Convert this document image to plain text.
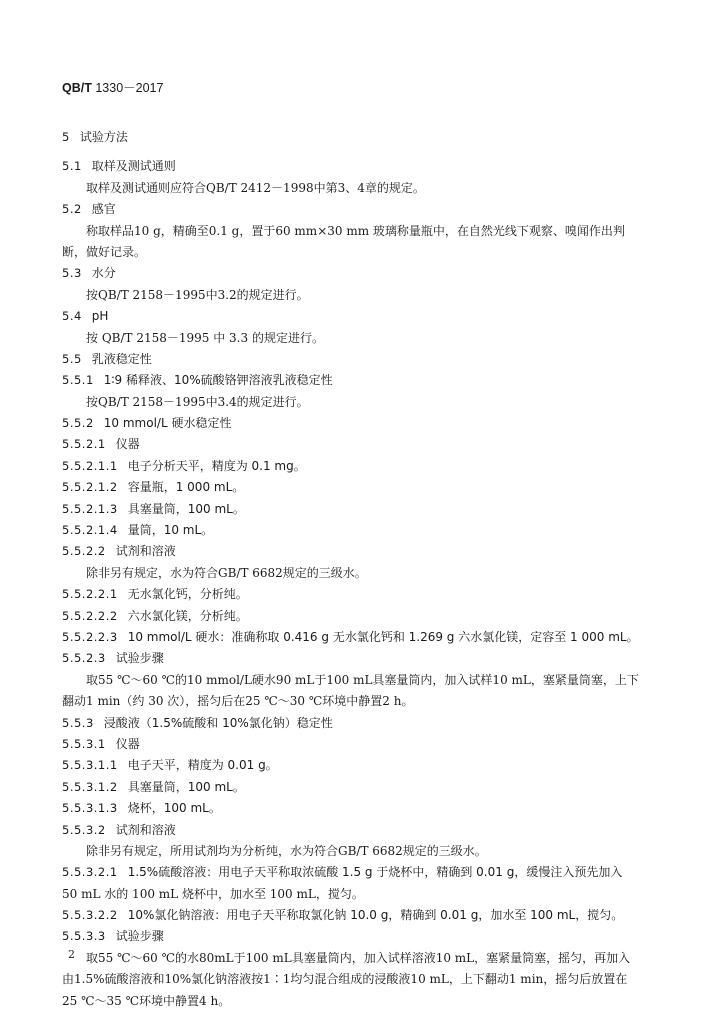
QB/T 1330－2017
5 试验方法
5.1 取样及测试通则
取样及测试通则应符合QB/T 2412－1998中第3、4章的规定。
5.2 感官
称取样品10 g，精确至0.1 g，置于60 mm×30 mm 玻璃称量瓶中，在自然光线下观察、嗅闻作出判
断，做好记录。
5.3 水分
按QB/T 2158－1995中3.2的规定进行。
5.4 pH
按 QB/T 2158－1995 中 3.3 的规定进行。
5.5 乳液稳定性
5.5.1 1∶9 稀释液、10%硫酸铬钾溶液乳液稳定性
按QB/T 2158－1995中3.4的规定进行。
5.5.2 10 mmol/L 硬水稳定性
5.5.2.1 仪器
5.5.2.1.1 电子分析天平，精度为 0.1 mg。
5.5.2.1.2 容量瓶，1 000 mL。
5.5.2.1.3 具塞量筒，100 mL。
5.5.2.1.4 量筒，10 mL。
5.5.2.2 试剂和溶液
除非另有规定，水为符合GB/T 6682规定的三级水。
5.5.2.2.1 无水氯化钙，分析纯。
5.5.2.2.2 六水氯化镁，分析纯。
5.5.2.2.3 10 mmol/L 硬水：准确称取 0.416 g 无水氯化钙和 1.269 g 六水氯化镁，定容至 1 000 mL。
5.5.2.3 试验步骤
取55 ℃～60 ℃的10 mmol/L硬水90 mL于100 mL具塞量筒内，加入试样10 mL，塞紧量筒塞，上下
翻动1 min（约 30 次），摇匀后在25 ℃～30 ℃环境中静置2 h。
5.5.3 浸酸液（1.5%硫酸和 10%氯化钠）稳定性
5.5.3.1 仪器
5.5.3.1.1 电子天平，精度为 0.01 g。
5.5.3.1.2 具塞量筒，100 mL。
5.5.3.1.3 烧杯，100 mL。
5.5.3.2 试剂和溶液
除非另有规定，所用试剂均为分析纯，水为符合GB/T 6682规定的三级水。
5.5.3.2.1 1.5%硫酸溶液：用电子天平称取浓硫酸 1.5 g 于烧杯中，精确到 0.01 g，缓慢注入预先加入
50 mL 水的 100 mL 烧杯中，加水至 100 mL，搅匀。
5.5.3.2.2 10%氯化钠溶液：用电子天平称取氯化钠 10.0 g，精确到 0.01 g，加水至 100 mL，搅匀。
5.5.3.3 试验步骤
取55 ℃～60 ℃的水80mL于100 mL具塞量筒内，加入试样溶液10 mL，塞紧量筒塞，摇匀，再加入
由1.5%硫酸溶液和10%氯化钠溶液按1∶1均匀混合组成的浸酸液10 mL，上下翻动1 min，摇匀后放置在
25 ℃～35 ℃环境中静置4 h。
2
